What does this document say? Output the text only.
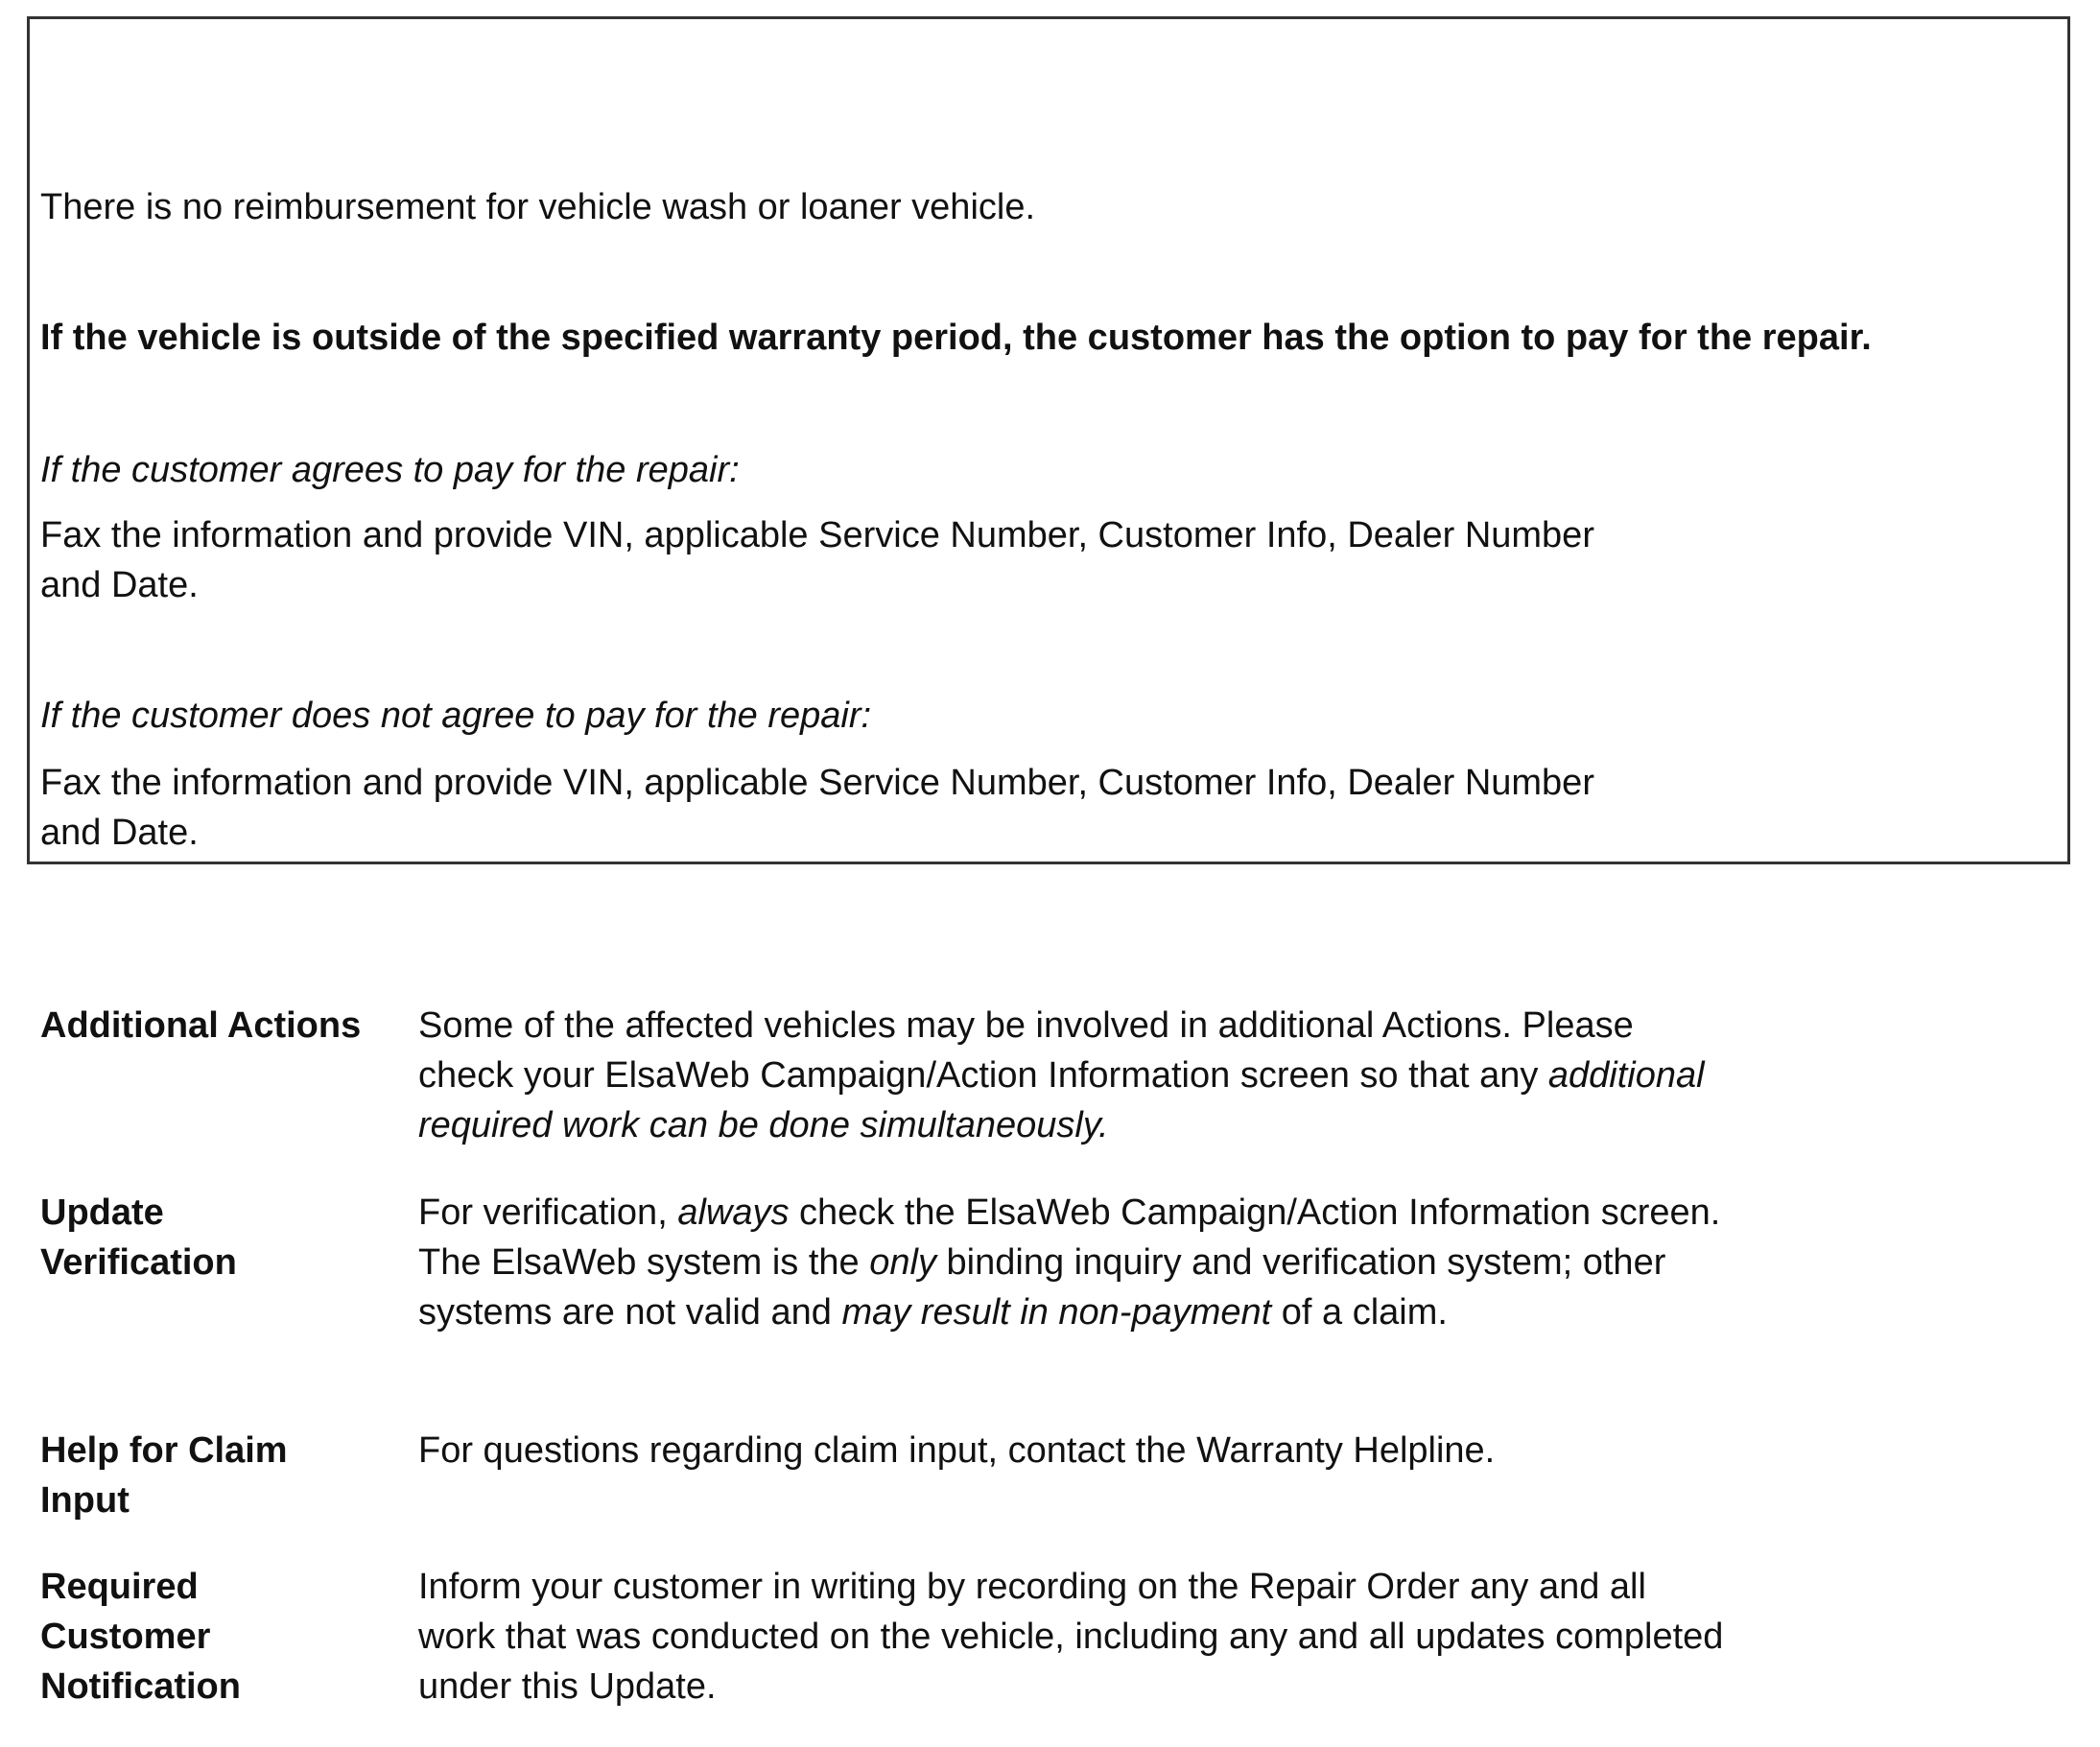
There is no reimbursement for vehicle wash or loaner vehicle.

If the vehicle is outside of the specified warranty period, the customer has the option to pay for the repair.

If the customer agrees to pay for the repair:

Fax the information and provide VIN, applicable Service Number, Customer Info, Dealer Number and Date.

If the customer does not agree to pay for the repair:

Fax the information and provide VIN, applicable Service Number, Customer Info, Dealer Number and Date.

Additional Actions	Some of the affected vehicles may be involved in additional Actions. Please check your ElsaWeb Campaign/Action Information screen so that any additional required work can be done simultaneously.

Update Verification

For verification, always check the ElsaWeb Campaign/Action Information screen. The ElsaWeb system is the only binding inquiry and verification system; other systems are not valid and may result in non-payment of a claim.

Help for Claim Input

For questions regarding claim input, contact the Warranty Helpline.

Required Customer Notification

Inform your customer in writing by recording on the Repair Order any and all work that was conducted on the vehicle, including any and all updates completed under this Update.
